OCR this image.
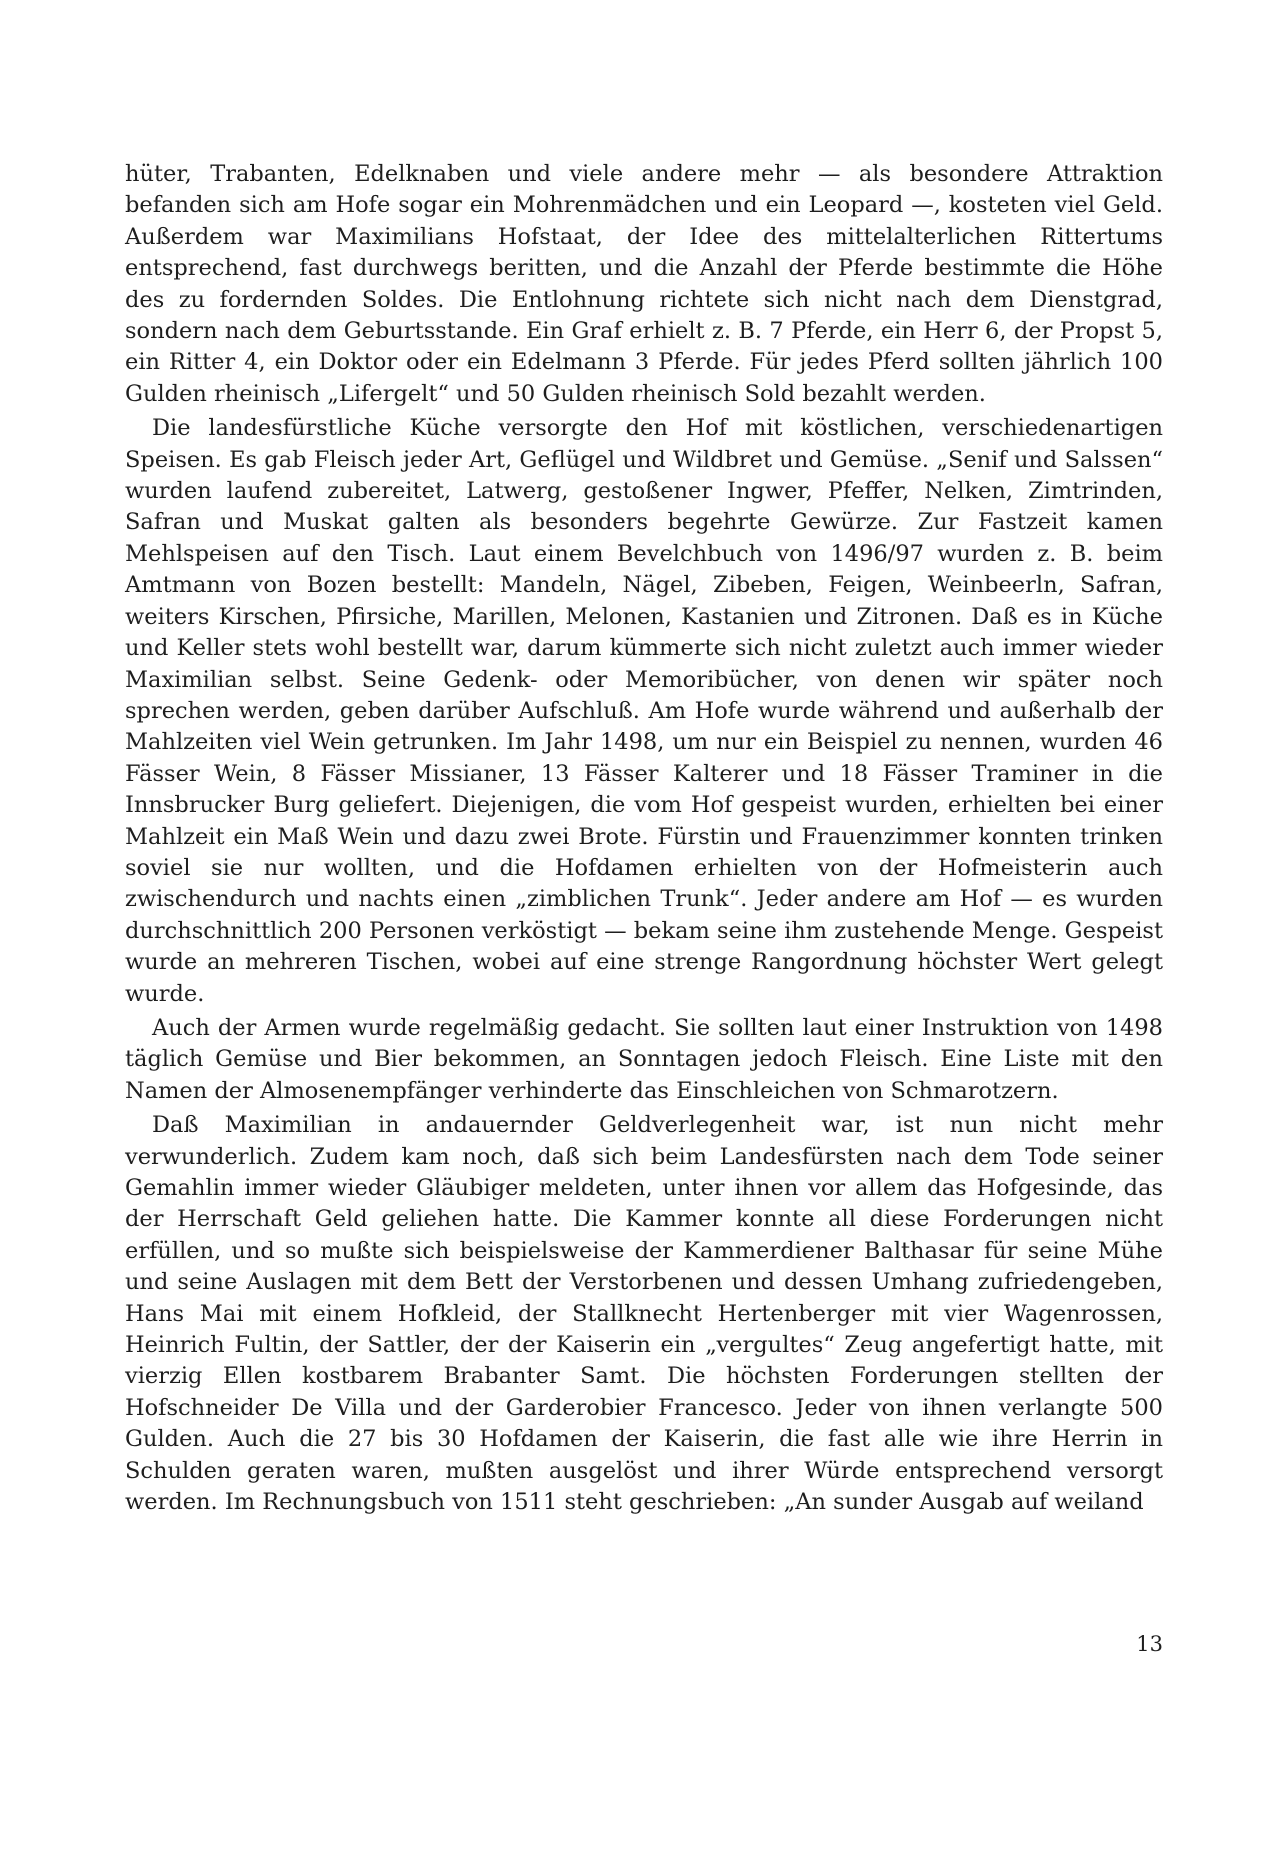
hüter, Trabanten, Edelknaben und viele andere mehr — als besondere Attraktion befanden sich am Hofe sogar ein Mohrenmädchen und ein Leopard —, kosteten viel Geld. Außerdem war Maximilians Hofstaat, der Idee des mittelalterlichen Rittertums entsprechend, fast durchwegs beritten, und die Anzahl der Pferde bestimmte die Höhe des zu fordernden Soldes. Die Entlohnung richtete sich nicht nach dem Dienstgrad, sondern nach dem Geburtsstande. Ein Graf erhielt z. B. 7 Pferde, ein Herr 6, der Propst 5, ein Ritter 4, ein Doktor oder ein Edelmann 3 Pferde. Für jedes Pferd sollten jährlich 100 Gulden rheinisch „Lifergelt“ und 50 Gulden rheinisch Sold bezahlt werden.

Die landesfürstliche Küche versorgte den Hof mit köstlichen, verschiedenartigen Speisen. Es gab Fleisch jeder Art, Geflügel und Wildbret und Gemüse. „Senif und Salssen“ wurden laufend zubereitet, Latwerg, gestoßener Ingwer, Pfeffer, Nelken, Zimtrinden, Safran und Muskat galten als besonders begehrte Gewürze. Zur Fastzeit kamen Mehlspeisen auf den Tisch. Laut einem Bevelchbuch von 1496/97 wurden z. B. beim Amtmann von Bozen bestellt: Mandeln, Nägel, Zibeben, Feigen, Weinbeerln, Safran, weiters Kirschen, Pfirsiche, Marillen, Melonen, Kastanien und Zitronen. Daß es in Küche und Keller stets wohl bestellt war, darum kümmerte sich nicht zuletzt auch immer wieder Maximilian selbst. Seine Gedenk- oder Memoribücher, von denen wir später noch sprechen werden, geben darüber Aufschluß. Am Hofe wurde während und außerhalb der Mahlzeiten viel Wein getrunken. Im Jahr 1498, um nur ein Beispiel zu nennen, wurden 46 Fässer Wein, 8 Fässer Missianer, 13 Fässer Kalterer und 18 Fässer Traminer in die Innsbrucker Burg geliefert. Diejenigen, die vom Hof gespeist wurden, erhielten bei einer Mahlzeit ein Maß Wein und dazu zwei Brote. Fürstin und Frauenzimmer konnten trinken soviel sie nur wollten, und die Hofdamen erhielten von der Hofmeisterin auch zwischendurch und nachts einen „zimblichen Trunk“. Jeder andere am Hof — es wurden durchschnittlich 200 Personen verköstigt — bekam seine ihm zustehende Menge. Gespeist wurde an mehreren Tischen, wobei auf eine strenge Rangordnung höchster Wert gelegt wurde.

Auch der Armen wurde regelmäßig gedacht. Sie sollten laut einer Instruktion von 1498 täglich Gemüse und Bier bekommen, an Sonntagen jedoch Fleisch. Eine Liste mit den Namen der Almosenempfänger verhinderte das Einschleichen von Schmarotzern.

Daß Maximilian in andauernder Geldverlegenheit war, ist nun nicht mehr verwunderlich. Zudem kam noch, daß sich beim Landesfürsten nach dem Tode seiner Gemahlin immer wieder Gläubiger meldeten, unter ihnen vor allem das Hofgesinde, das der Herrschaft Geld geliehen hatte. Die Kammer konnte all diese Forderungen nicht erfüllen, und so mußte sich beispielsweise der Kammerdiener Balthasar für seine Mühe und seine Auslagen mit dem Bett der Verstorbenen und dessen Umhang zufriedengeben, Hans Mai mit einem Hofkleid, der Stallknecht Hertenberger mit vier Wagenrossen, Heinrich Fultin, der Sattler, der der Kaiserin ein „vergultes“ Zeug angefertigt hatte, mit vierzig Ellen kostbarem Brabanter Samt. Die höchsten Forderungen stellten der Hofschneider De Villa und der Garderobier Francesco. Jeder von ihnen verlangte 500 Gulden. Auch die 27 bis 30 Hofdamen der Kaiserin, die fast alle wie ihre Herrin in Schulden geraten waren, mußten ausgelöst und ihrer Würde entsprechend versorgt werden. Im Rechnungsbuch von 1511 steht geschrieben: „An sunder Ausgab auf weiland

13
